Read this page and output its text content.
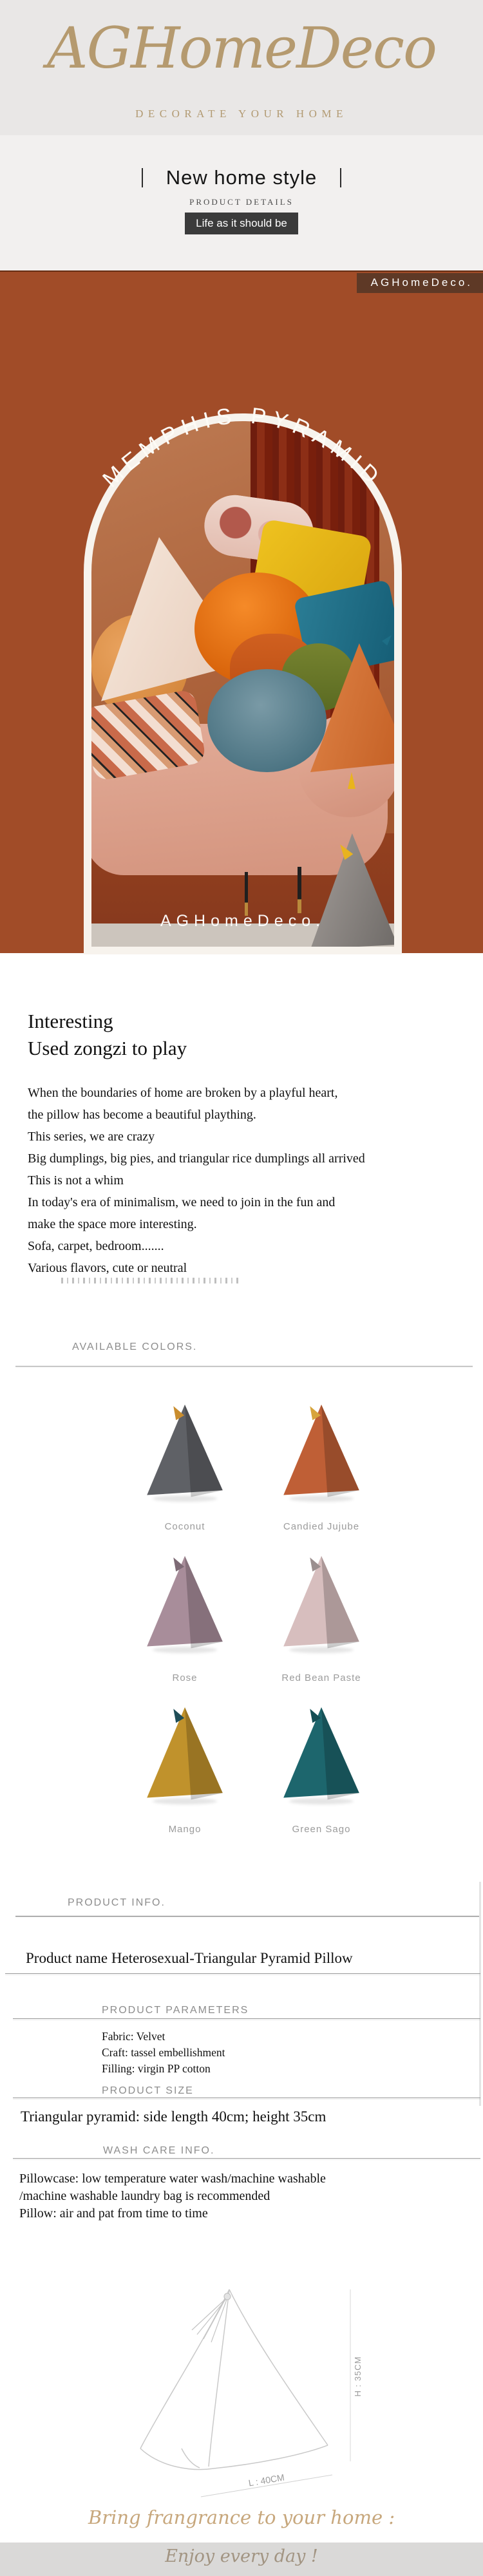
AGHomeDeco
DECORATE YOUR HOME
New home style
PRODUCT DETAILS
Life as it should be
AGHomeDeco.
AGHomeDeco.
MEMPHIS PYRAMID
Interesting
Used zongzi to play
When the boundaries of home are broken by a playful heart,
the pillow has become a beautiful plaything.
This series, we are crazy
Big dumplings, big pies, and triangular rice dumplings all arrived
This is not a whim
In today's era of minimalism, we need to join in the fun and
make the space more interesting.
Sofa, carpet, bedroom.......
Various flavors, cute or neutral
AVAILABLE COLORS.
Coconut	Candied Jujube
Rose	Red Bean Paste
Mango	Green Sago
PRODUCT INFO.
Product name Heterosexual-Triangular Pyramid Pillow
PRODUCT PARAMETERS
Fabric: Velvet
Craft: tassel embellishment
Filling: virgin PP cotton
PRODUCT SIZE
Triangular pyramid: side length 40cm; height 35cm
WASH CARE INFO.
Pillowcase: low temperature water wash/machine washable
/machine washable laundry bag is recommended
Pillow: air and pat from time to time
H : 35CM
L : 40CM
Bring frangrance to your home :
Enjoy every day !
